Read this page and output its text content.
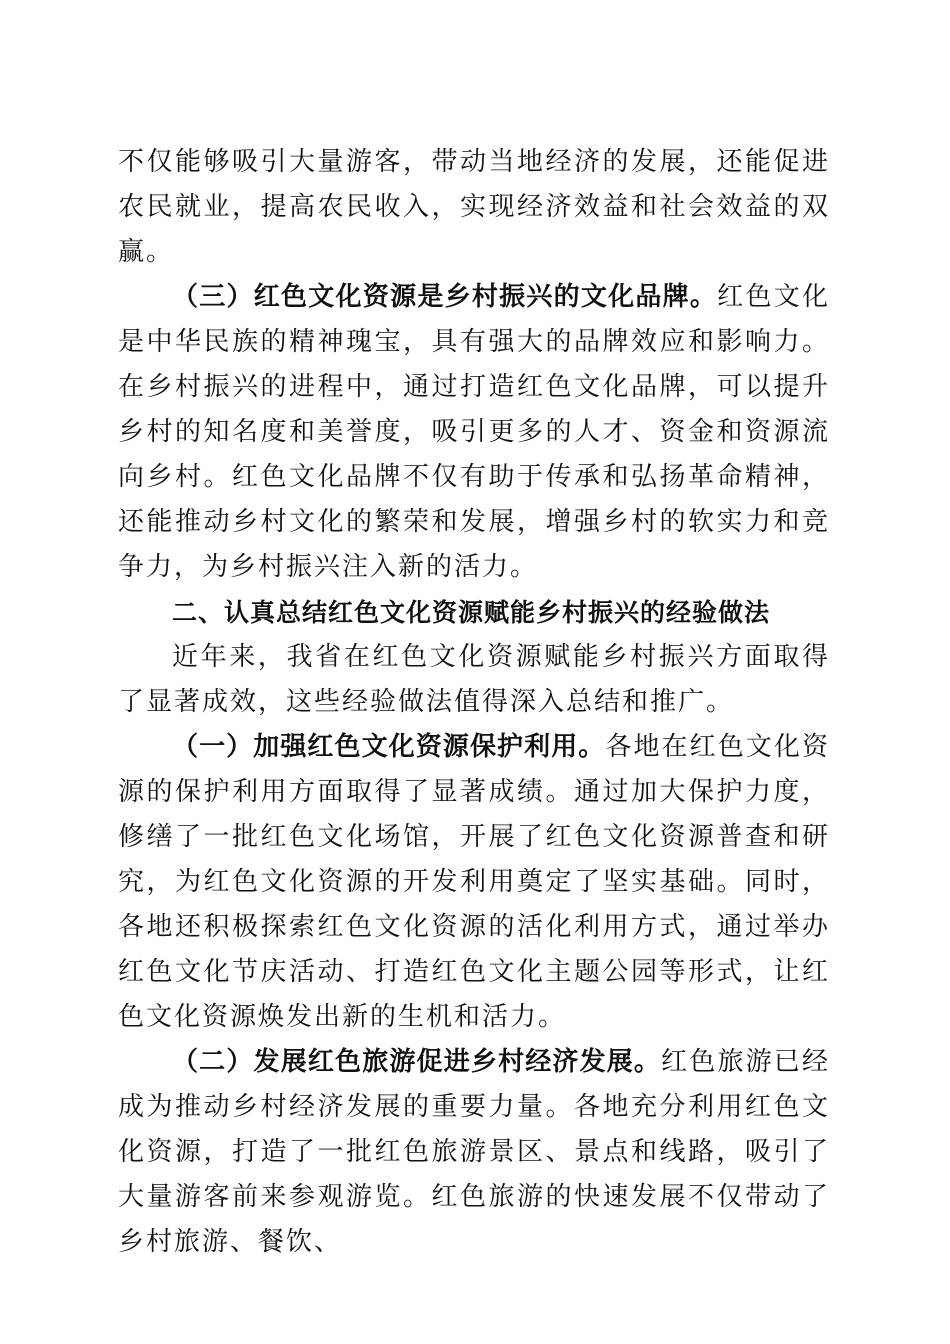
不仅能够吸引大量游客，带动当地经济的发展，还能促进农民就业，提高农民收入，实现经济效益和社会效益的双赢。

（三）红色文化资源是乡村振兴的文化品牌。红色文化是中华民族的精神瑰宝，具有强大的品牌效应和影响力。在乡村振兴的进程中，通过打造红色文化品牌，可以提升乡村的知名度和美誉度，吸引更多的人才、资金和资源流向乡村。红色文化品牌不仅有助于传承和弘扬革命精神，还能推动乡村文化的繁荣和发展，增强乡村的软实力和竞争力，为乡村振兴注入新的活力。

二、认真总结红色文化资源赋能乡村振兴的经验做法

近年来，我省在红色文化资源赋能乡村振兴方面取得了显著成效，这些经验做法值得深入总结和推广。

（一）加强红色文化资源保护利用。各地在红色文化资源的保护利用方面取得了显著成绩。通过加大保护力度，修缮了一批红色文化场馆，开展了红色文化资源普查和研究，为红色文化资源的开发利用奠定了坚实基础。同时，各地还积极探索红色文化资源的活化利用方式，通过举办红色文化节庆活动、打造红色文化主题公园等形式，让红色文化资源焕发出新的生机和活力。

（二）发展红色旅游促进乡村经济发展。红色旅游已经成为推动乡村经济发展的重要力量。各地充分利用红色文化资源，打造了一批红色旅游景区、景点和线路，吸引了大量游客前来参观游览。红色旅游的快速发展不仅带动了乡村旅游、餐饮、
